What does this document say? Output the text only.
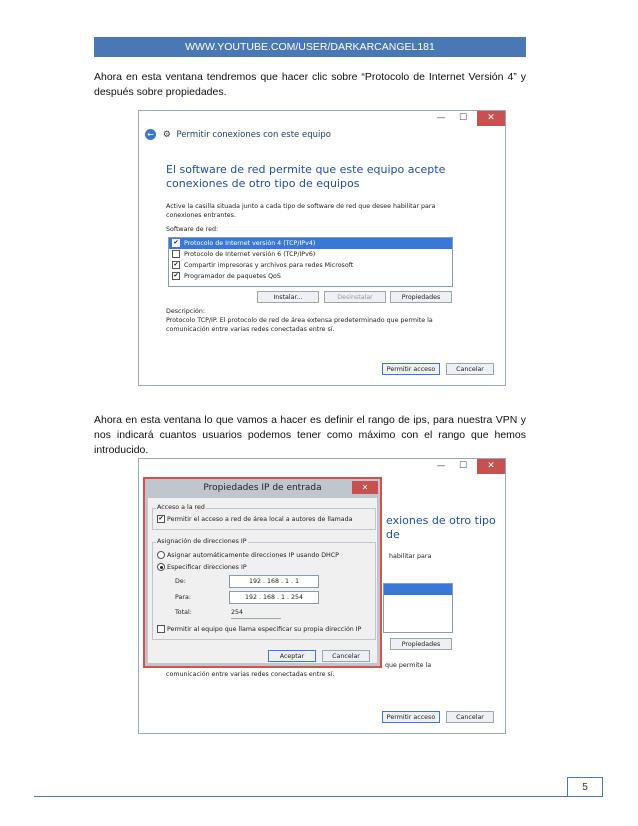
WWW.YOUTUBE.COM/USER/DARKARCANGEL181
Ahora en esta ventana tendremos que hacer clic sobre “Protocolo de Internet Versión 4” y después sobre propiedades.
—	☐	✕
← ⚙ Permitir conexiones con este equipo
El software de red permite que este equipo acepte conexiones de otro tipo de equipos
Active la casilla situada junto a cada tipo de software de red que desee habilitar para conexiones entrantes.
Software de red:
✔ Protocolo de Internet versión 4 (TCP/IPv4)
Protocolo de Internet versión 6 (TCP/IPv6)
✔ Compartir impresoras y archivos para redes Microsoft
✔ Programador de paquetes QoS
Instalar...	Desinstalar	Propiedades
Descripción:
Protocolo TCP/IP. El protocolo de red de área extensa predeterminado que permite la comunicación entre varias redes conectadas entre sí.
Permitir acceso	Cancelar
Ahora en esta ventana lo que vamos a hacer es definir el rango de ips, para nuestra VPN y nos indicará cuantos usuarios podemos tener como máximo con el rango que hemos introducido.
—	☐	✕
exiones de otro tipo de
habilitar para
Propiedades
que permite la
comunicación entre varias redes conectadas entre sí.
Permitir acceso	Cancelar
Propiedades IP de entrada	✕
Acceso a la red
✔ Permitir el acceso a red de área local a autores de llamada
Asignación de direcciones IP
Asignar automáticamente direcciones IP usando DHCP
Especificar direcciones IP
De:	192 . 168 . 1 . 1
Para:	192 . 168 . 1 . 254
Total:	254
Permitir al equipo que llama especificar su propia dirección IP
Aceptar	Cancelar
5
